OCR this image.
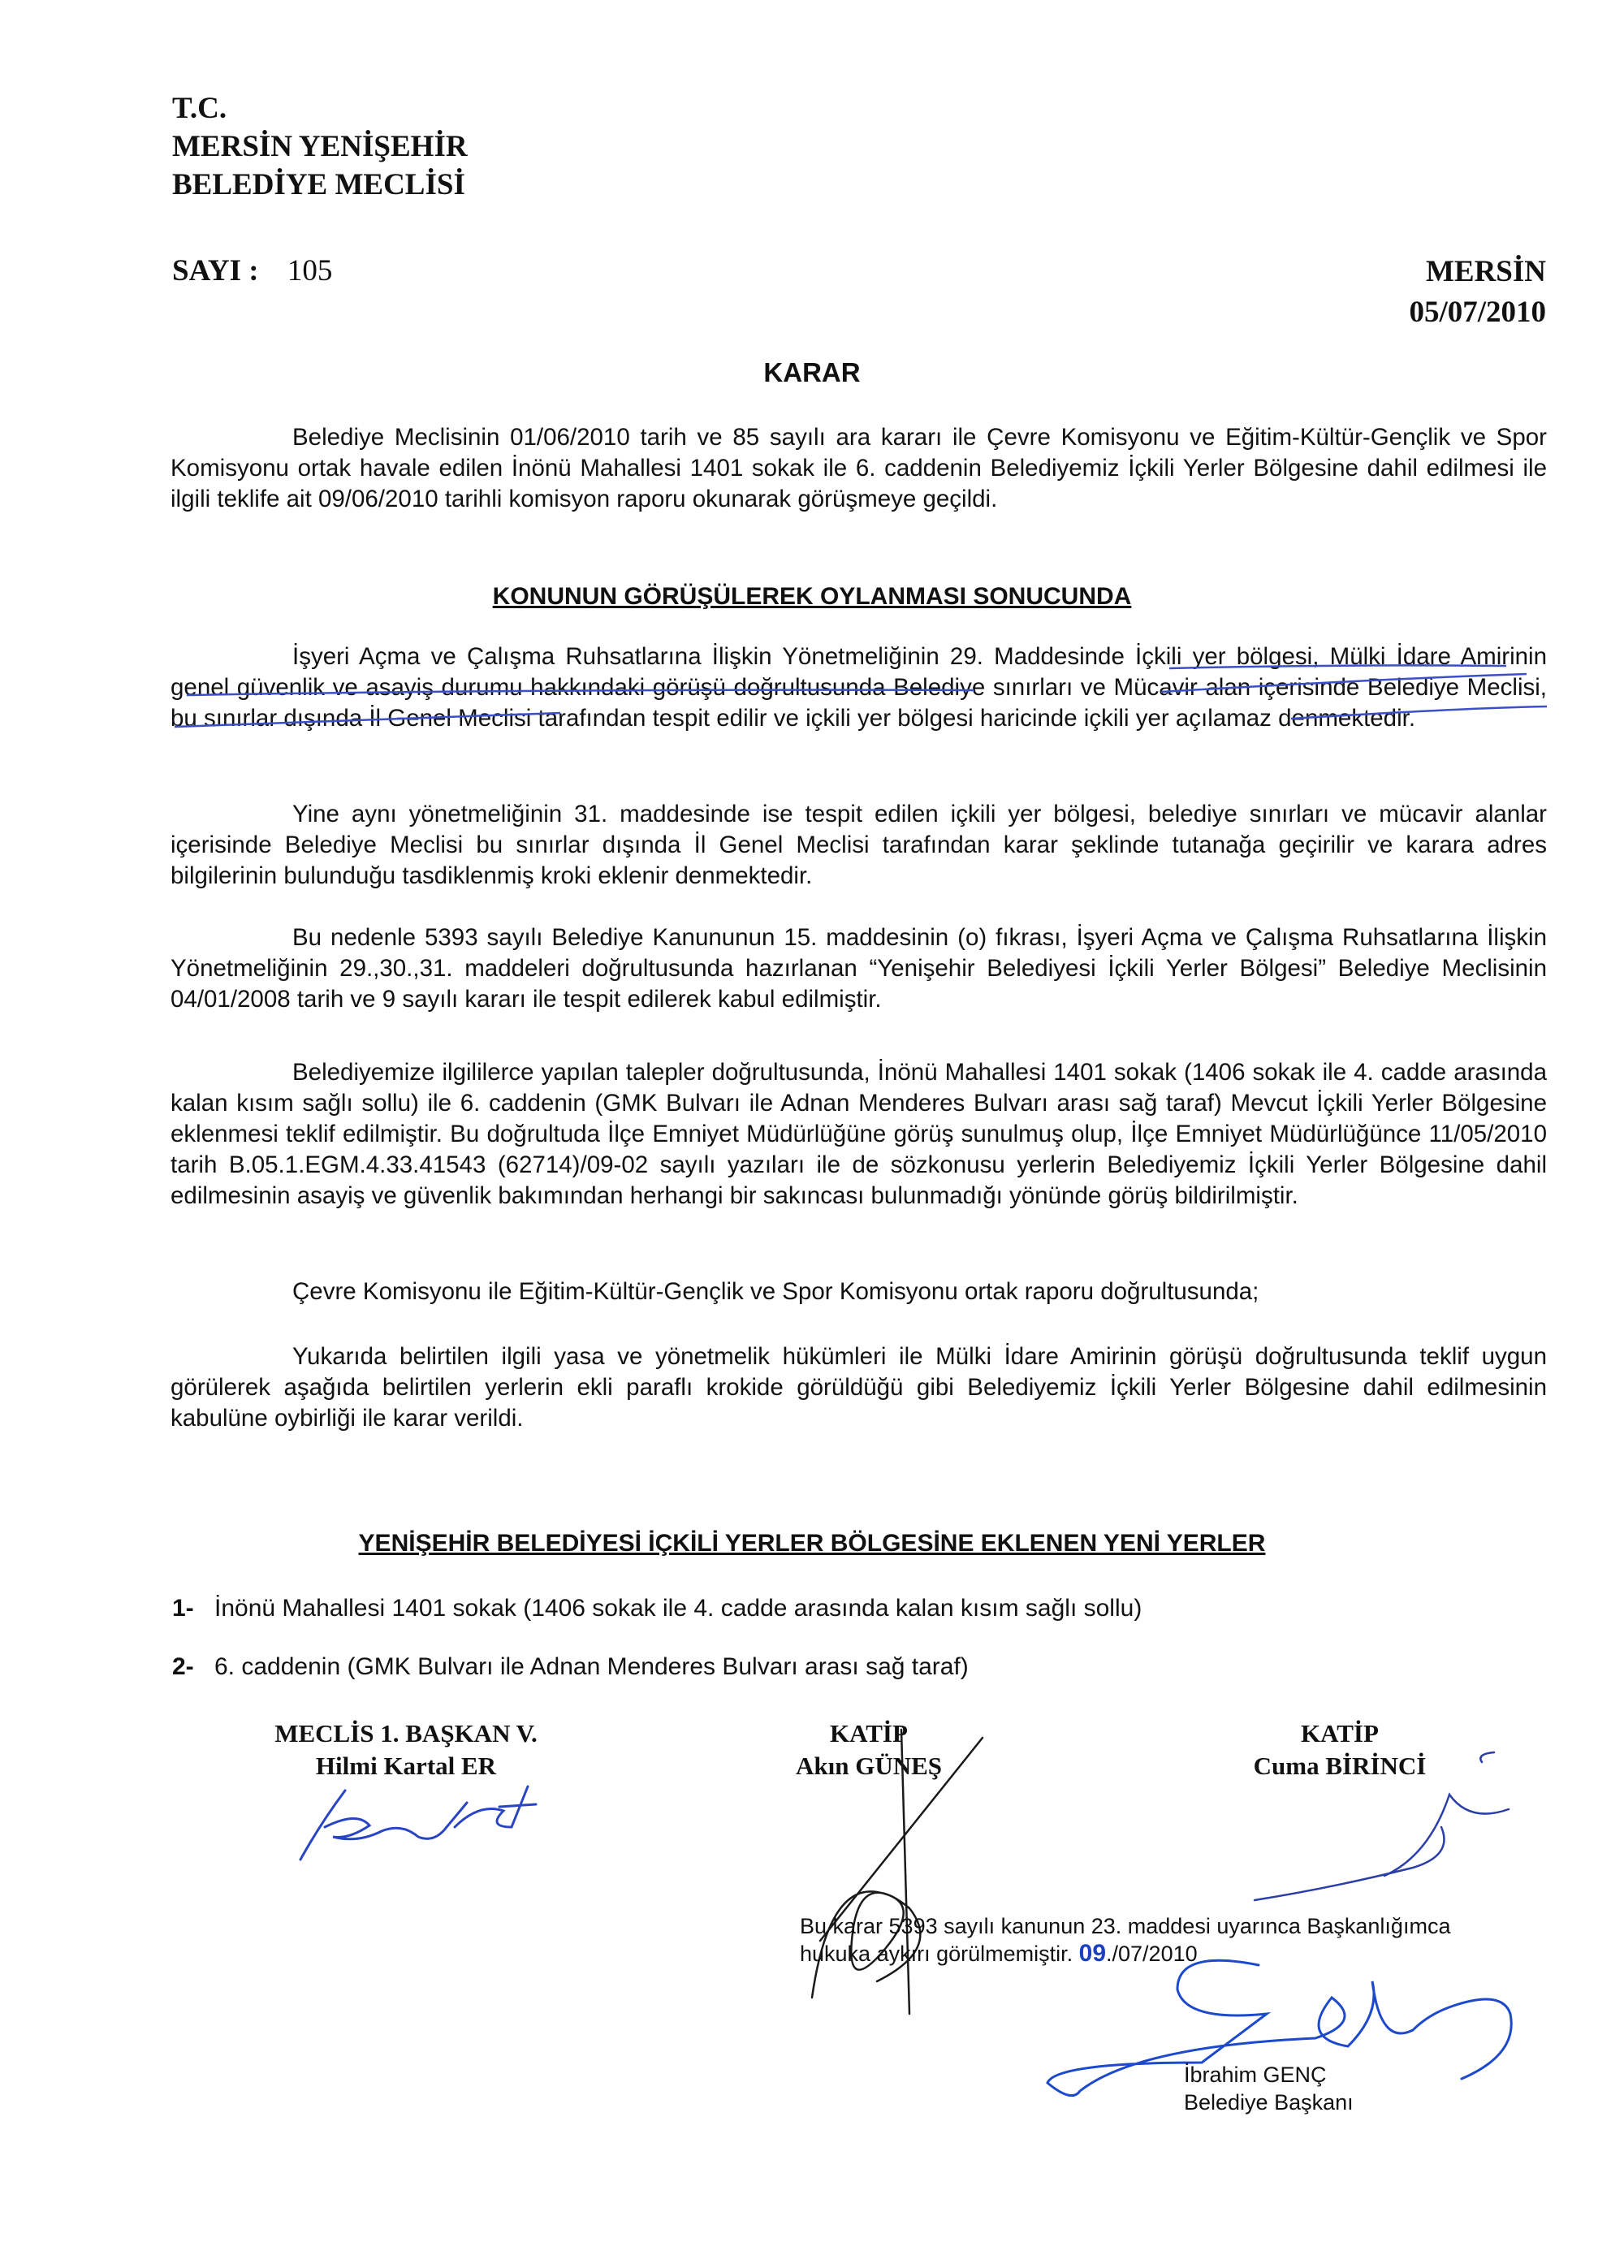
T.C.
MERSİN YENİŞEHİR
BELEDİYE MECLİSİ
SAYI : 105	MERSİN
05/07/2010
KARAR

Belediye Meclisinin 01/06/2010 tarih ve 85 sayılı ara kararı ile Çevre Komisyonu ve Eğitim-Kültür-Gençlik ve Spor Komisyonu ortak havale edilen İnönü Mahallesi 1401 sokak ile 6. caddenin Belediyemiz İçkili Yerler Bölgesine dahil edilmesi ile ilgili teklife ait 09/06/2010 tarihli komisyon raporu okunarak görüşmeye geçildi.

KONUNUN GÖRÜŞÜLEREK OYLANMASI SONUCUNDA

İşyeri Açma ve Çalışma Ruhsatlarına İlişkin Yönetmeliğinin 29. Maddesinde İçkili yer bölgesi, Mülki İdare Amirinin genel güvenlik ve asayiş durumu hakkındaki görüşü doğrultusunda Belediye sınırları ve Mücavir alan içerisinde Belediye Meclisi, bu sınırlar dışında İl Genel Meclisi tarafından tespit edilir ve içkili yer bölgesi haricinde içkili yer açılamaz denmektedir.

Yine aynı yönetmeliğinin 31. maddesinde ise tespit edilen içkili yer bölgesi, belediye sınırları ve mücavir alanlar içerisinde Belediye Meclisi bu sınırlar dışında İl Genel Meclisi tarafından karar şeklinde tutanağa geçirilir ve karara adres bilgilerinin bulunduğu tasdiklenmiş kroki eklenir denmektedir.

Bu nedenle 5393 sayılı Belediye Kanununun 15. maddesinin (o) fıkrası, İşyeri Açma ve Çalışma Ruhsatlarına İlişkin Yönetmeliğinin 29.,30.,31. maddeleri doğrultusunda hazırlanan “Yenişehir Belediyesi İçkili Yerler Bölgesi” Belediye Meclisinin 04/01/2008 tarih ve 9 sayılı kararı ile tespit edilerek kabul edilmiştir.

Belediyemize ilgililerce yapılan talepler doğrultusunda, İnönü Mahallesi 1401 sokak (1406 sokak ile 4. cadde arasında kalan kısım sağlı sollu) ile 6. caddenin (GMK Bulvarı ile Adnan Menderes Bulvarı arası sağ taraf) Mevcut İçkili Yerler Bölgesine eklenmesi teklif edilmiştir. Bu doğrultuda İlçe Emniyet Müdürlüğüne görüş sunulmuş olup, İlçe Emniyet Müdürlüğünce 11/05/2010 tarih B.05.1.EGM.4.33.41543 (62714)/09-02 sayılı yazıları ile de sözkonusu yerlerin Belediyemiz İçkili Yerler Bölgesine dahil edilmesinin asayiş ve güvenlik bakımından herhangi bir sakıncası bulunmadığı yönünde görüş bildirilmiştir.

Çevre Komisyonu ile Eğitim-Kültür-Gençlik ve Spor Komisyonu ortak raporu doğrultusunda;

Yukarıda belirtilen ilgili yasa ve yönetmelik hükümleri ile Mülki İdare Amirinin görüşü doğrultusunda teklif uygun görülerek aşağıda belirtilen yerlerin ekli paraflı krokide görüldüğü gibi Belediyemiz İçkili Yerler Bölgesine dahil edilmesinin kabulüne oybirliği ile karar verildi.

YENİŞEHİR BELEDİYESİ İÇKİLİ YERLER BÖLGESİNE EKLENEN YENİ YERLER
1- İnönü Mahallesi 1401 sokak (1406 sokak ile 4. cadde arasında kalan kısım sağlı sollu)
2- 6. caddenin (GMK Bulvarı ile Adnan Menderes Bulvarı arası sağ taraf)
MECLİS 1. BAŞKAN V.
Hilmi Kartal ER
KATİP
Akın GÜNEŞ
KATİP
Cuma BİRİNCİ
Bu karar 5393 sayılı kanunun 23. maddesi uyarınca Başkanlığımca
hukuka aykırı görülmemiştir. 09./07/2010
İbrahim GENÇ
Belediye Başkanı
